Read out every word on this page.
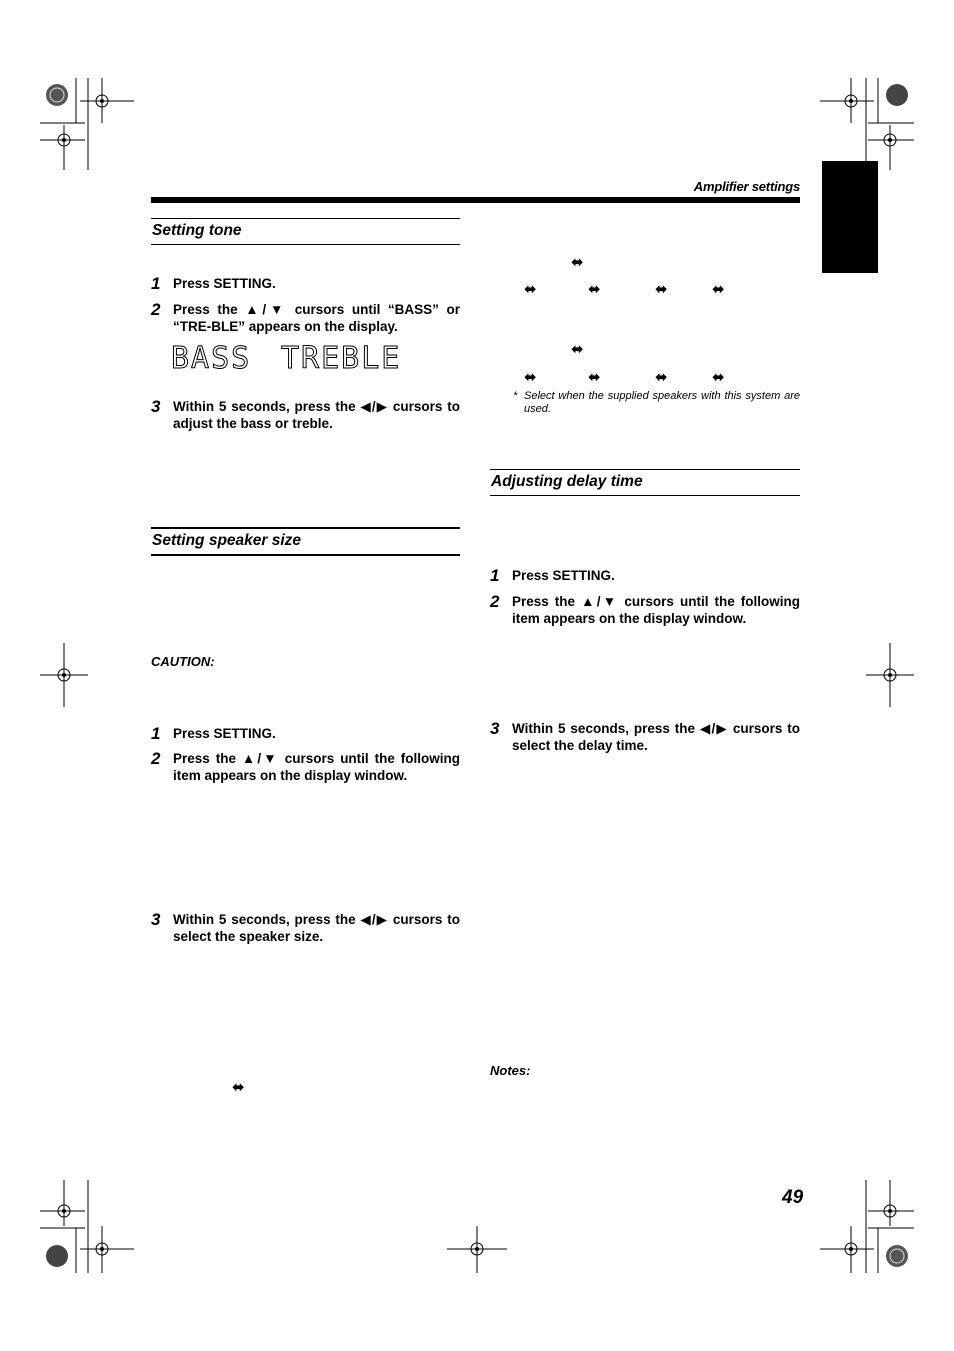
Amplifier settings
Setting tone
1 Press SETTING.
2 Press the ▲/▼ cursors until “BASS” or “TRE-BLE” appears on the display.
BASS TREBLE
3 Within 5 seconds, press the ◀/▶ cursors to adjust the bass or treble.
Setting speaker size
CAUTION:
1 Press SETTING.
2 Press the ▲/▼ cursors until the following item appears on the display window.
3 Within 5 seconds, press the ◀/▶ cursors to select the speaker size.
⬌
⬌
⬌	⬌	⬌	⬌
⬌
⬌	⬌	⬌	⬌
* Select when the supplied speakers with this system are used.
Adjusting delay time
1 Press SETTING.
2 Press the ▲/▼ cursors until the following item appears on the display window.
3 Within 5 seconds, press the ◀/▶ cursors to select the delay time.
Notes:
49
